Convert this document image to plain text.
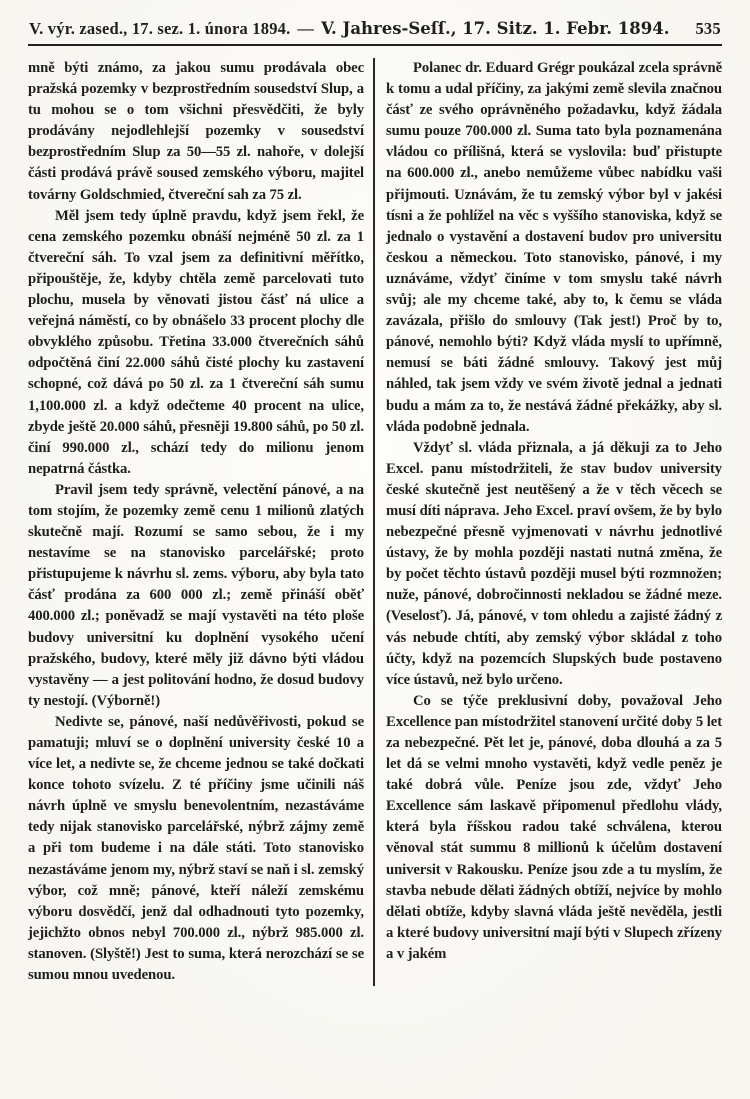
V. výr. zased., 17. sez. 1. února 1894. — V. Jahres-Seſſ., 17. Sitz. 1. Febr. 1894. 535

mně býti známo, za jakou sumu prodávala obec pražská pozemky v bezprostředním sousedství Slup, a tu mohou se o tom všichni přesvědčiti, že byly prodávány nejodlehlejší pozemky v sousedství bezprostředním Slup za 50—55 zl. nahoře, v dolejší části prodává právě soused zemského výboru, majitel továrny Goldschmied, čtvereční sah za 75 zl.

Měl jsem tedy úplně pravdu, když jsem řekl, že cena zemského pozemku obnáší nejméně 50 zl. za 1 čtvereční sáh. To vzal jsem za definitivní měřítko, připouštěje, že, kdyby chtěla země parcelovati tuto plochu, musela by věnovati jistou čásť ná ulice a veřejná náměstí, co by obnášelo 33 procent plochy dle obvyklého způsobu. Třetina 33.000 čtverečních sáhů odpočtěná činí 22.000 sáhů čisté plochy ku zastavení schopné, což dává po 50 zl. za 1 čtvereční sáh sumu 1,100.000 zl. a když odečteme 40 procent na ulice, zbyde ještě 20.000 sáhů, přesněji 19.800 sáhů, po 50 zl. činí 990.000 zl., schází tedy do milionu jenom nepatrná částka.

Pravil jsem tedy správně, velectění pánové, a na tom stojím, že pozemky země cenu 1 milionů zlatých skutečně mají. Rozumí se samo sebou, že i my nestavíme se na stanovisko parcelářské; proto přistupujeme k návrhu sl. zems. výboru, aby byla tato čásť prodána za 600 000 zl.; země přináší oběť 400.000 zl.; poněvadž se mají vystavěti na této ploše budovy universitní ku doplnění vysokého učení pražského, budovy, které měly již dávno býti vládou vystavěny — a jest politování hodno, že dosud budovy ty nestojí. (Výborně!)

Nedivte se, pánové, naší nedůvěřivosti, pokud se pamatuji; mluví se o doplnění university české 10 a více let, a nedivte se, že chceme jednou se také dočkati konce tohoto svízelu. Z té příčiny jsme učinili náš návrh úplně ve smyslu benevolentním, nezastáváme tedy nijak stanovisko parcelářské, nýbrž zájmy země a při tom budeme i na dále státi. Toto stanovisko nezastáváme jenom my, nýbrž staví se naň i sl. zemský výbor, což mně; pánové, kteří náleží zemskému výboru dosvědčí, jenž dal odhadnouti tyto pozemky, jejichžto obnos nebyl 700.000 zl., nýbrž 985.000 zl. stanoven. (Slyště!) Jest to suma, která nerozchází se se sumou mnou uvedenou.

Polanec dr. Eduard Grégr poukázal zcela správně k tomu a udal příčiny, za jakými země slevila značnou čásť ze svého oprávněného požadavku, když žádala sumu pouze 700.000 zl. Suma tato byla poznamenána vládou co přílišná, která se vyslovila: buď přistupte na 600.000 zl., anebo nemůžeme vůbec nabídku vaši přijmouti. Uznávám, že tu zemský výbor byl v jakési tísni a že pohlížel na věc s vyššího stanoviska, když se jednalo o vystavění a dostavení budov pro universitu českou a německou. Toto stanovisko, pánové, i my uznáváme, vždyť činíme v tom smyslu také návrh svůj; ale my chceme také, aby to, k čemu se vláda zavázala, přišlo do smlouvy (Tak jest!) Proč by to, pánové, nemohlo býti? Když vláda myslí to upřímně, nemusí se báti žádné smlouvy. Takový jest můj náhled, tak jsem vždy ve svém životě jednal a jednati budu a mám za to, že nestává žádné překážky, aby sl. vláda podobně jednala.

Vždyť sl. vláda přiznala, a já děkuji za to Jeho Excel. panu místodržiteli, že stav budov university české skutečně jest neutěšený a že v těch věcech se musí díti náprava. Jeho Excel. praví ovšem, že by bylo nebezpečné přesně vyjmenovati v návrhu jednotlivé ústavy, že by mohla později nastati nutná změna, že by počet těchto ústavů později musel býti rozmnožen; nuže, pánové, dobročinnosti nekladou se žádné meze. (Veselosť). Já, pánové, v tom ohledu a zajisté žádný z vás nebude chtíti, aby zemský výbor skládal z toho účty, když na pozemcích Slupských bude postaveno více ústavů, než bylo určeno.

Co se týče preklusivní doby, považoval Jeho Excellence pan místodržitel stanovení určité doby 5 let za nebezpečné. Pět let je, pánové, doba dlouhá a za 5 let dá se velmi mnoho vystavěti, když vedle peněz je také dobrá vůle. Peníze jsou zde, vždyť Jeho Excellence sám laskavě připomenul předlohu vlády, která byla říšskou radou také schválena, kterou věnoval stát summu 8 millionů k účelům dostavení universit v Rakousku. Peníze jsou zde a tu myslím, že stavba nebude dělati žádných obtíží, nejvíce by mohlo dělati obtíže, kdyby slavná vláda ještě nevěděla, jestli a které budovy universitní mají býti v Slupech zřízeny a v jakém
